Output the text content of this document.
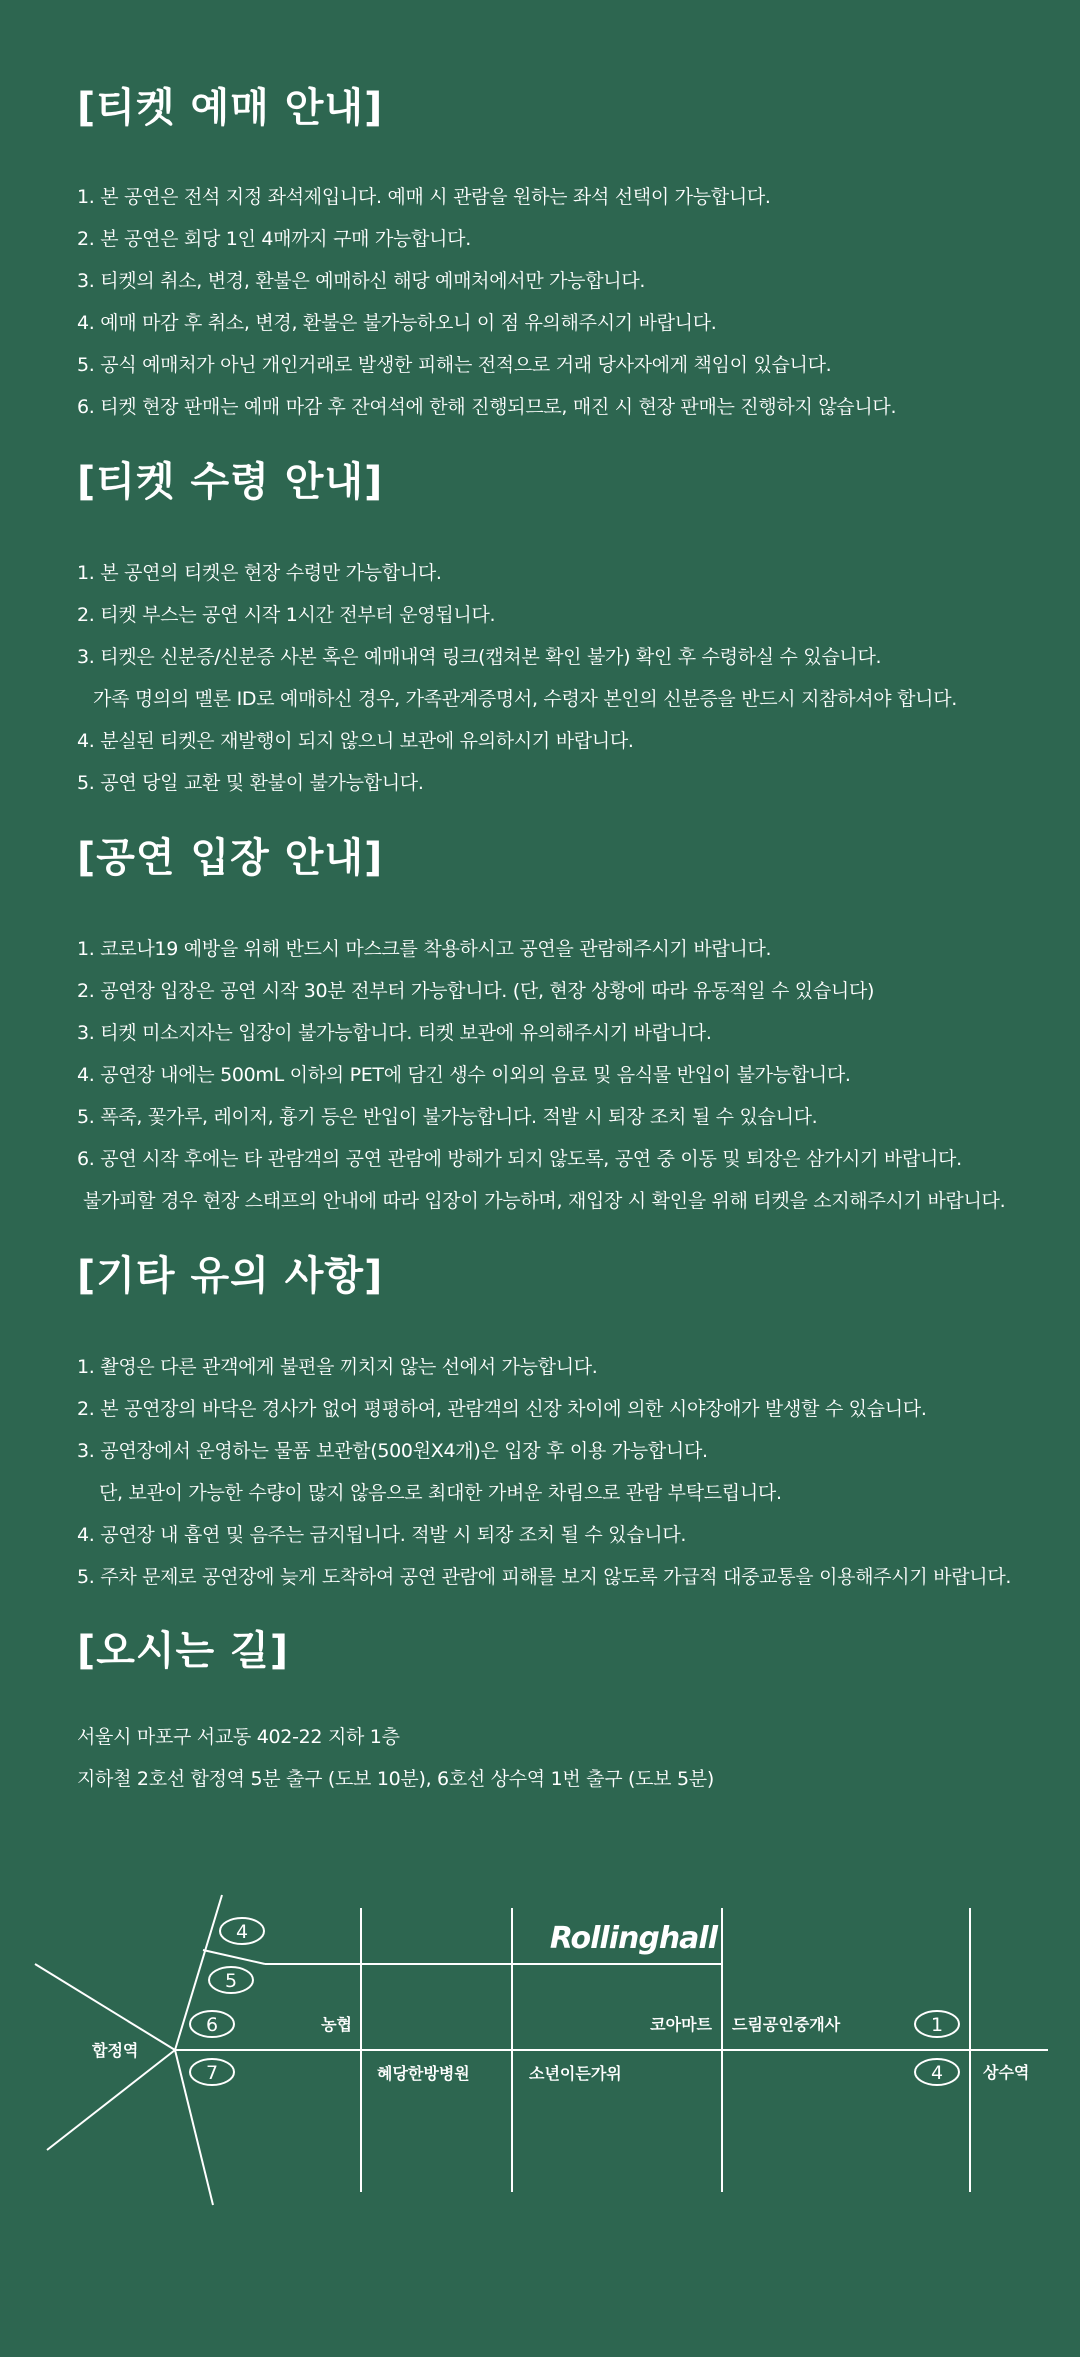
[티켓 예매 안내]
1. 본 공연은 전석 지정 좌석제입니다. 예매 시 관람을 원하는 좌석 선택이 가능합니다.
2. 본 공연은 회당 1인 4매까지 구매 가능합니다.
3. 티켓의 취소, 변경, 환불은 예매하신 해당 예매처에서만 가능합니다.
4. 예매 마감 후 취소, 변경, 환불은 불가능하오니 이 점 유의해주시기 바랍니다.
5. 공식 예매처가 아닌 개인거래로 발생한 피해는 전적으로 거래 당사자에게 책임이 있습니다.
6. 티켓 현장 판매는 예매 마감 후 잔여석에 한해 진행되므로, 매진 시 현장 판매는 진행하지 않습니다.
[티켓 수령 안내]
1. 본 공연의 티켓은 현장 수령만 가능합니다.
2. 티켓 부스는 공연 시작 1시간 전부터 운영됩니다.
3. 티켓은 신분증/신분증 사본 혹은 예매내역 링크(캡쳐본 확인 불가) 확인 후 수령하실 수 있습니다.
가족 명의의 멜론 ID로 예매하신 경우, 가족관계증명서, 수령자 본인의 신분증을 반드시 지참하셔야 합니다.
4. 분실된 티켓은 재발행이 되지 않으니 보관에 유의하시기 바랍니다.
5. 공연 당일 교환 및 환불이 불가능합니다.
[공연 입장 안내]
1. 코로나19 예방을 위해 반드시 마스크를 착용하시고 공연을 관람해주시기 바랍니다.
2. 공연장 입장은 공연 시작 30분 전부터 가능합니다. (단, 현장 상황에 따라 유동적일 수 있습니다)
3. 티켓 미소지자는 입장이 불가능합니다. 티켓 보관에 유의해주시기 바랍니다.
4. 공연장 내에는 500mL 이하의 PET에 담긴 생수 이외의 음료 및 음식물 반입이 불가능합니다.
5. 폭죽, 꽃가루, 레이저, 흉기 등은 반입이 불가능합니다. 적발 시 퇴장 조치 될 수 있습니다.
6. 공연 시작 후에는 타 관람객의 공연 관람에 방해가 되지 않도록, 공연 중 이동 및 퇴장은 삼가시기 바랍니다.
불가피할 경우 현장 스태프의 안내에 따라 입장이 가능하며, 재입장 시 확인을 위해 티켓을 소지해주시기 바랍니다.
[기타 유의 사항]
1. 촬영은 다른 관객에게 불편을 끼치지 않는 선에서 가능합니다.
2. 본 공연장의 바닥은 경사가 없어 평평하여, 관람객의 신장 차이에 의한 시야장애가 발생할 수 있습니다.
3. 공연장에서 운영하는 물품 보관함(500원X4개)은 입장 후 이용 가능합니다.
단, 보관이 가능한 수량이 많지 않음으로 최대한 가벼운 차림으로 관람 부탁드립니다.
4. 공연장 내 흡연 및 음주는 금지됩니다. 적발 시 퇴장 조치 될 수 있습니다.
5. 주차 문제로 공연장에 늦게 도착하여 공연 관람에 피해를 보지 않도록 가급적 대중교통을 이용해주시기 바랍니다.
[오시는 길]
서울시 마포구 서교동 402-22 지하 1층
지하철 2호선 합정역 5분 출구 (도보 10분), 6호선 상수역 1번 출구 (도보 5분)
4
5
6
7
1
4
Rollinghall
합정역
상수역
농협	코아마트 드림공인중개사
혜당한방병원	소년이든가위
